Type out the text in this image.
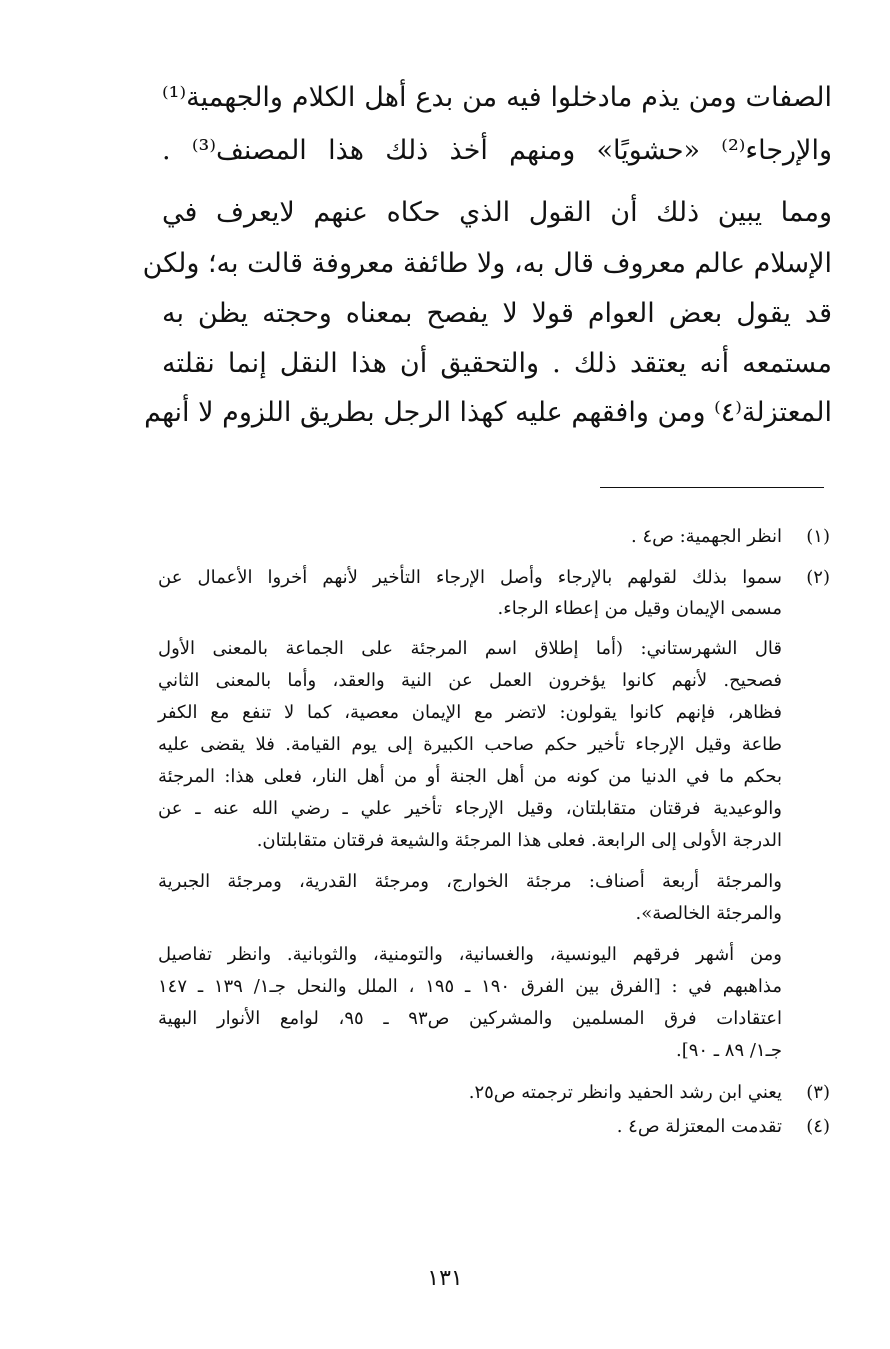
الصفات ومن يذم مادخلوا فيه من بدع أهل الكلام والجهمية⁽¹⁾
والإرجاء⁽²⁾ «حشويًا» ومنهم أخذ ذلك هذا المصنف⁽³⁾ .
ومما يبين ذلك أن القول الذي حكاه عنهم لايعرف في
الإسلام عالم معروف قال به، ولا طائفة معروفة قالت به؛ ولكن
قد يقول بعض العوام قولا لا يفصح بمعناه وحجته يظن به
مستمعه أنه يعتقد ذلك . والتحقيق أن هذا النقل إنما نقلته
المعتزلة⁽٤⁾ ومن وافقهم عليه كهذا الرجل بطريق اللزوم لا أنهم
(١)
انظر الجهمية: ص٤ .
(٢)
سموا بذلك لقولهم بالإرجاء وأصل الإرجاء التأخير لأنهم أخروا الأعمال عن
مسمى الإيمان وقيل من إعطاء الرجاء.
قال الشهرستاني: (أما إطلاق اسم المرجئة على الجماعة بالمعنى الأول
فصحيح. لأنهم كانوا يؤخرون العمل عن النية والعقد، وأما بالمعنى الثاني
فظاهر، فإنهم كانوا يقولون: لاتضر مع الإيمان معصية، كما لا تنفع مع الكفر
طاعة وقيل الإرجاء تأخير حكم صاحب الكبيرة إلى يوم القيامة. فلا يقضى عليه
بحكم ما في الدنيا من كونه من أهل الجنة أو من أهل النار، فعلى هذا: المرجئة
والوعيدية فرقتان متقابلتان، وقيل الإرجاء تأخير علي ـ رضي الله عنه ـ عن
الدرجة الأولى إلى الرابعة. فعلى هذا المرجئة والشيعة فرقتان متقابلتان.
والمرجئة أربعة أصناف: مرجئة الخوارج، ومرجئة القدرية، ومرجئة الجبرية
والمرجئة الخالصة».
ومن أشهر فرقهم اليونسية، والغسانية، والتومنية، والثوبانية. وانظر تفاصيل
مذاهبهم في : [الفرق بين الفرق ١٩٠ ـ ١٩٥ ، الملل والنحل جـ١/ ١٣٩ ـ ١٤٧
اعتقادات فرق المسلمين والمشركين ص٩٣ ـ ٩٥، لوامع الأنوار البهية
جـ١/ ٨٩ ـ ٩٠].
(٣)
يعني ابن رشد الحفيد وانظر ترجمته ص٢٥.
(٤)
تقدمت المعتزلة ص٤ .
١٣١
